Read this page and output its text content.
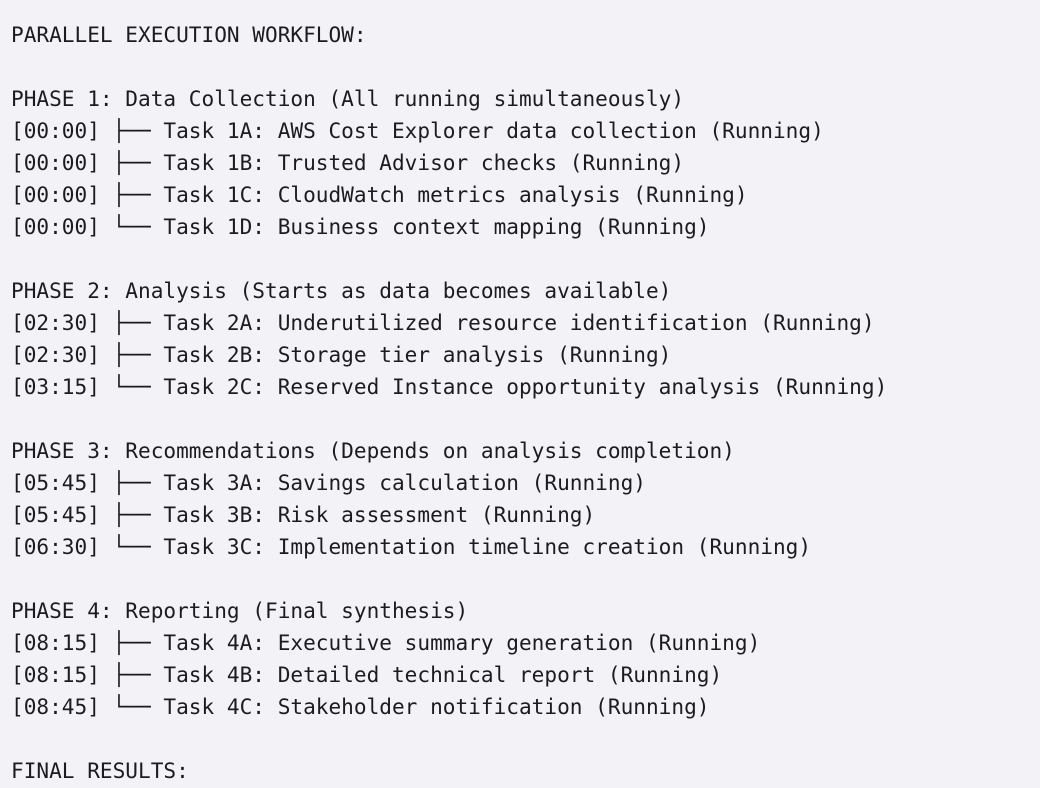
PARALLEL EXECUTION WORKFLOW:
PHASE 1: Data Collection (All running simultaneously)
[00:00] ├── Task 1A: AWS Cost Explorer data collection (Running)
[00:00] ├── Task 1B: Trusted Advisor checks (Running)
[00:00] ├── Task 1C: CloudWatch metrics analysis (Running)
[00:00] └── Task 1D: Business context mapping (Running)
PHASE 2: Analysis (Starts as data becomes available)
[02:30] ├── Task 2A: Underutilized resource identification (Running)
[02:30] ├── Task 2B: Storage tier analysis (Running)
[03:15] └── Task 2C: Reserved Instance opportunity analysis (Running)
PHASE 3: Recommendations (Depends on analysis completion)
[05:45] ├── Task 3A: Savings calculation (Running)
[05:45] ├── Task 3B: Risk assessment (Running)
[06:30] └── Task 3C: Implementation timeline creation (Running)
PHASE 4: Reporting (Final synthesis)
[08:15] ├── Task 4A: Executive summary generation (Running)
[08:15] ├── Task 4B: Detailed technical report (Running)
[08:45] └── Task 4C: Stakeholder notification (Running)
FINAL RESULTS:
